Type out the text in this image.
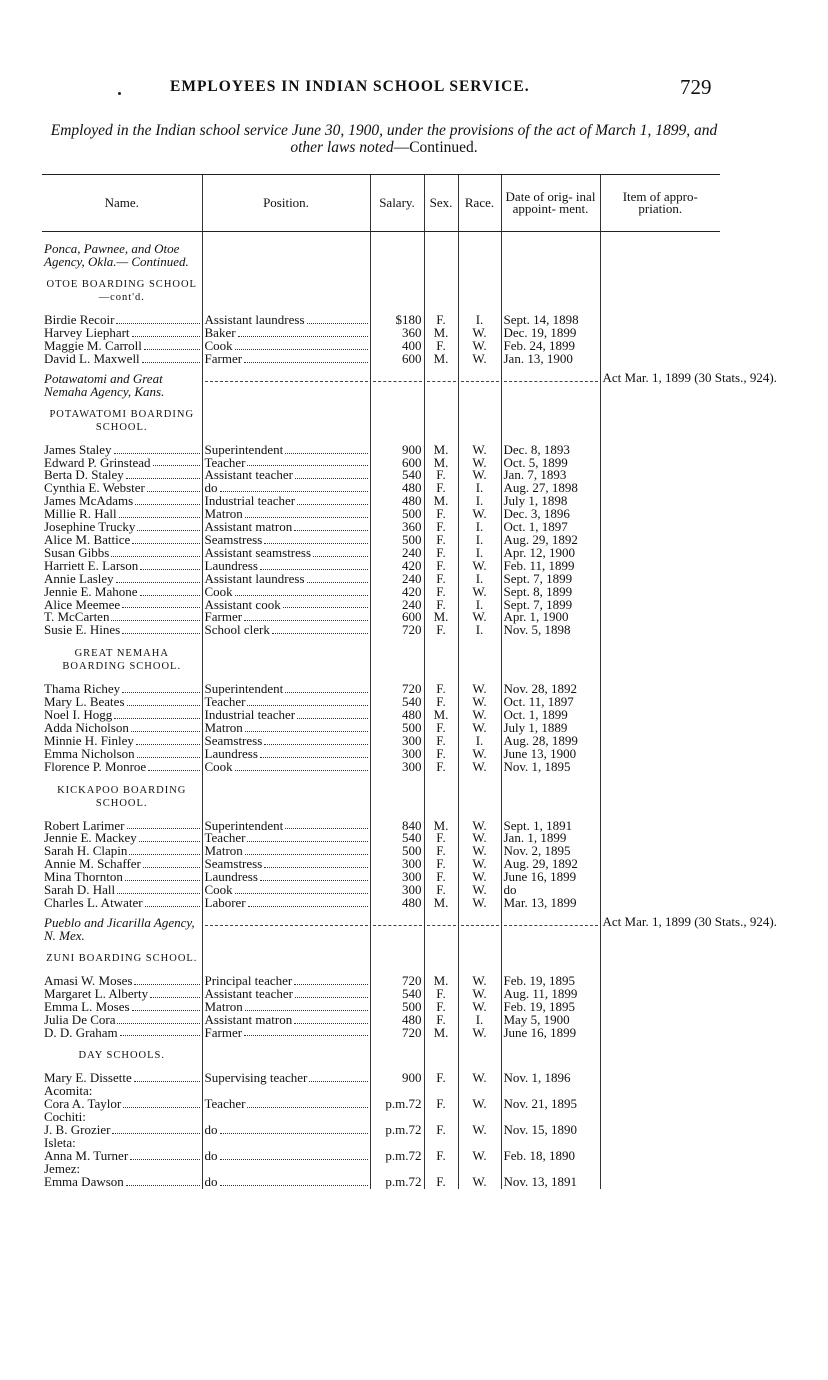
EMPLOYEES IN INDIAN SCHOOL SERVICE.	729
Employed in the Indian school service June 30, 1900, under the provisions of the act of March 1, 1899, and other laws noted—Continued.
Name.	Position.	Salary.	Sex.	Race.	Date of orig- inal appoint- ment.	Item of appro- priation.

Ponca, Pawnee, and Otoe Agency, Okla.— Continued.						

OTOE BOARDING SCHOOL—cont'd.						

Birdie Recoir	Assistant laundress	$180	F.	I.	Sept. 14, 1898	

Harvey Liephart	Baker	360	M.	W.	Dec. 19, 1899	

Maggie M. Carroll	Cook	400	F.	W.	Feb. 24, 1899	

David L. Maxwell	Farmer	600	M.	W.	Jan. 13, 1900	

Potawatomi and Great Nemaha Agency, Kans.						Act Mar. 1, 1899 (30 Stats., 924).

POTAWATOMI BOARDING SCHOOL.						

James Staley	Superintendent	900	M.	W.	Dec. 8, 1893	

Edward P. Grinstead	Teacher	600	M.	W.	Oct. 5, 1899	

Berta D. Staley	Assistant teacher	540	F.	W.	Jan. 7, 1893	

Cynthia E. Webster	do	480	F.	I.	Aug. 27, 1898	

James McAdams	Industrial teacher	480	M.	I.	July 1, 1898	

Millie R. Hall	Matron	500	F.	W.	Dec. 3, 1896	

Josephine Trucky	Assistant matron	360	F.	I.	Oct. 1, 1897	

Alice M. Battice	Seamstress	500	F.	I.	Aug. 29, 1892	

Susan Gibbs	Assistant seamstress	240	F.	I.	Apr. 12, 1900	

Harriett E. Larson	Laundress	420	F.	W.	Feb. 11, 1899	

Annie Lasley	Assistant laundress	240	F.	I.	Sept. 7, 1899	

Jennie E. Mahone	Cook	420	F.	W.	Sept. 8, 1899	

Alice Meemee	Assistant cook	240	F.	I.	Sept. 7, 1899	

T. McCarten	Farmer	600	M.	W.	Apr. 1, 1900	

Susie E. Hines	School clerk	720	F.	I.	Nov. 5, 1898	

GREAT NEMAHA BOARDING SCHOOL.						

Thama Richey	Superintendent	720	F.	W.	Nov. 28, 1892	

Mary L. Beates	Teacher	540	F.	W.	Oct. 11, 1897	

Noel I. Hogg	Industrial teacher	480	M.	W.	Oct. 1, 1899	

Adda Nicholson	Matron	500	F.	W.	July 1, 1889	

Minnie H. Finley	Seamstress	300	F.	I.	Aug. 28, 1899	

Emma Nicholson	Laundress	300	F.	W.	June 13, 1900	

Florence P. Monroe	Cook	300	F.	W.	Nov. 1, 1895	

KICKAPOO BOARDING SCHOOL.						

Robert Larimer	Superintendent	840	M.	W.	Sept. 1, 1891	

Jennie E. Mackey	Teacher	540	F.	W.	Jan. 1, 1899	

Sarah H. Clapin	Matron	500	F.	W.	Nov. 2, 1895	

Annie M. Schaffer	Seamstress	300	F.	W.	Aug. 29, 1892	

Mina Thornton	Laundress	300	F.	W.	June 16, 1899	

Sarah D. Hall	Cook	300	F.	W.	do	

Charles L. Atwater	Laborer	480	M.	W.	Mar. 13, 1899	

Pueblo and Jicarilla Agency, N. Mex.						Act Mar. 1, 1899 (30 Stats., 924).

ZUNI BOARDING SCHOOL.						

Amasi W. Moses	Principal teacher	720	M.	W.	Feb. 19, 1895	

Margaret L. Alberty	Assistant teacher	540	F.	W.	Aug. 11, 1899	

Emma L. Moses	Matron	500	F.	W.	Feb. 19, 1895	

Julia De Cora	Assistant matron	480	F.	I.	May 5, 1900	

D. D. Graham	Farmer	720	M.	W.	June 16, 1899	

DAY SCHOOLS.						

Mary E. Dissette	Supervising teacher	900	F.	W.	Nov. 1, 1896	
Acomita:						

Cora A. Taylor	Teacher	p.m.72	F.	W.	Nov. 21, 1895	
Cochiti:						

J. B. Grozier	do	p.m.72	F.	W.	Nov. 15, 1890	
Isleta:						

Anna M. Turner	do	p.m.72	F.	W.	Feb. 18, 1890	
Jemez:						

Emma Dawson	do	p.m.72	F.	W.	Nov. 13, 1891	
